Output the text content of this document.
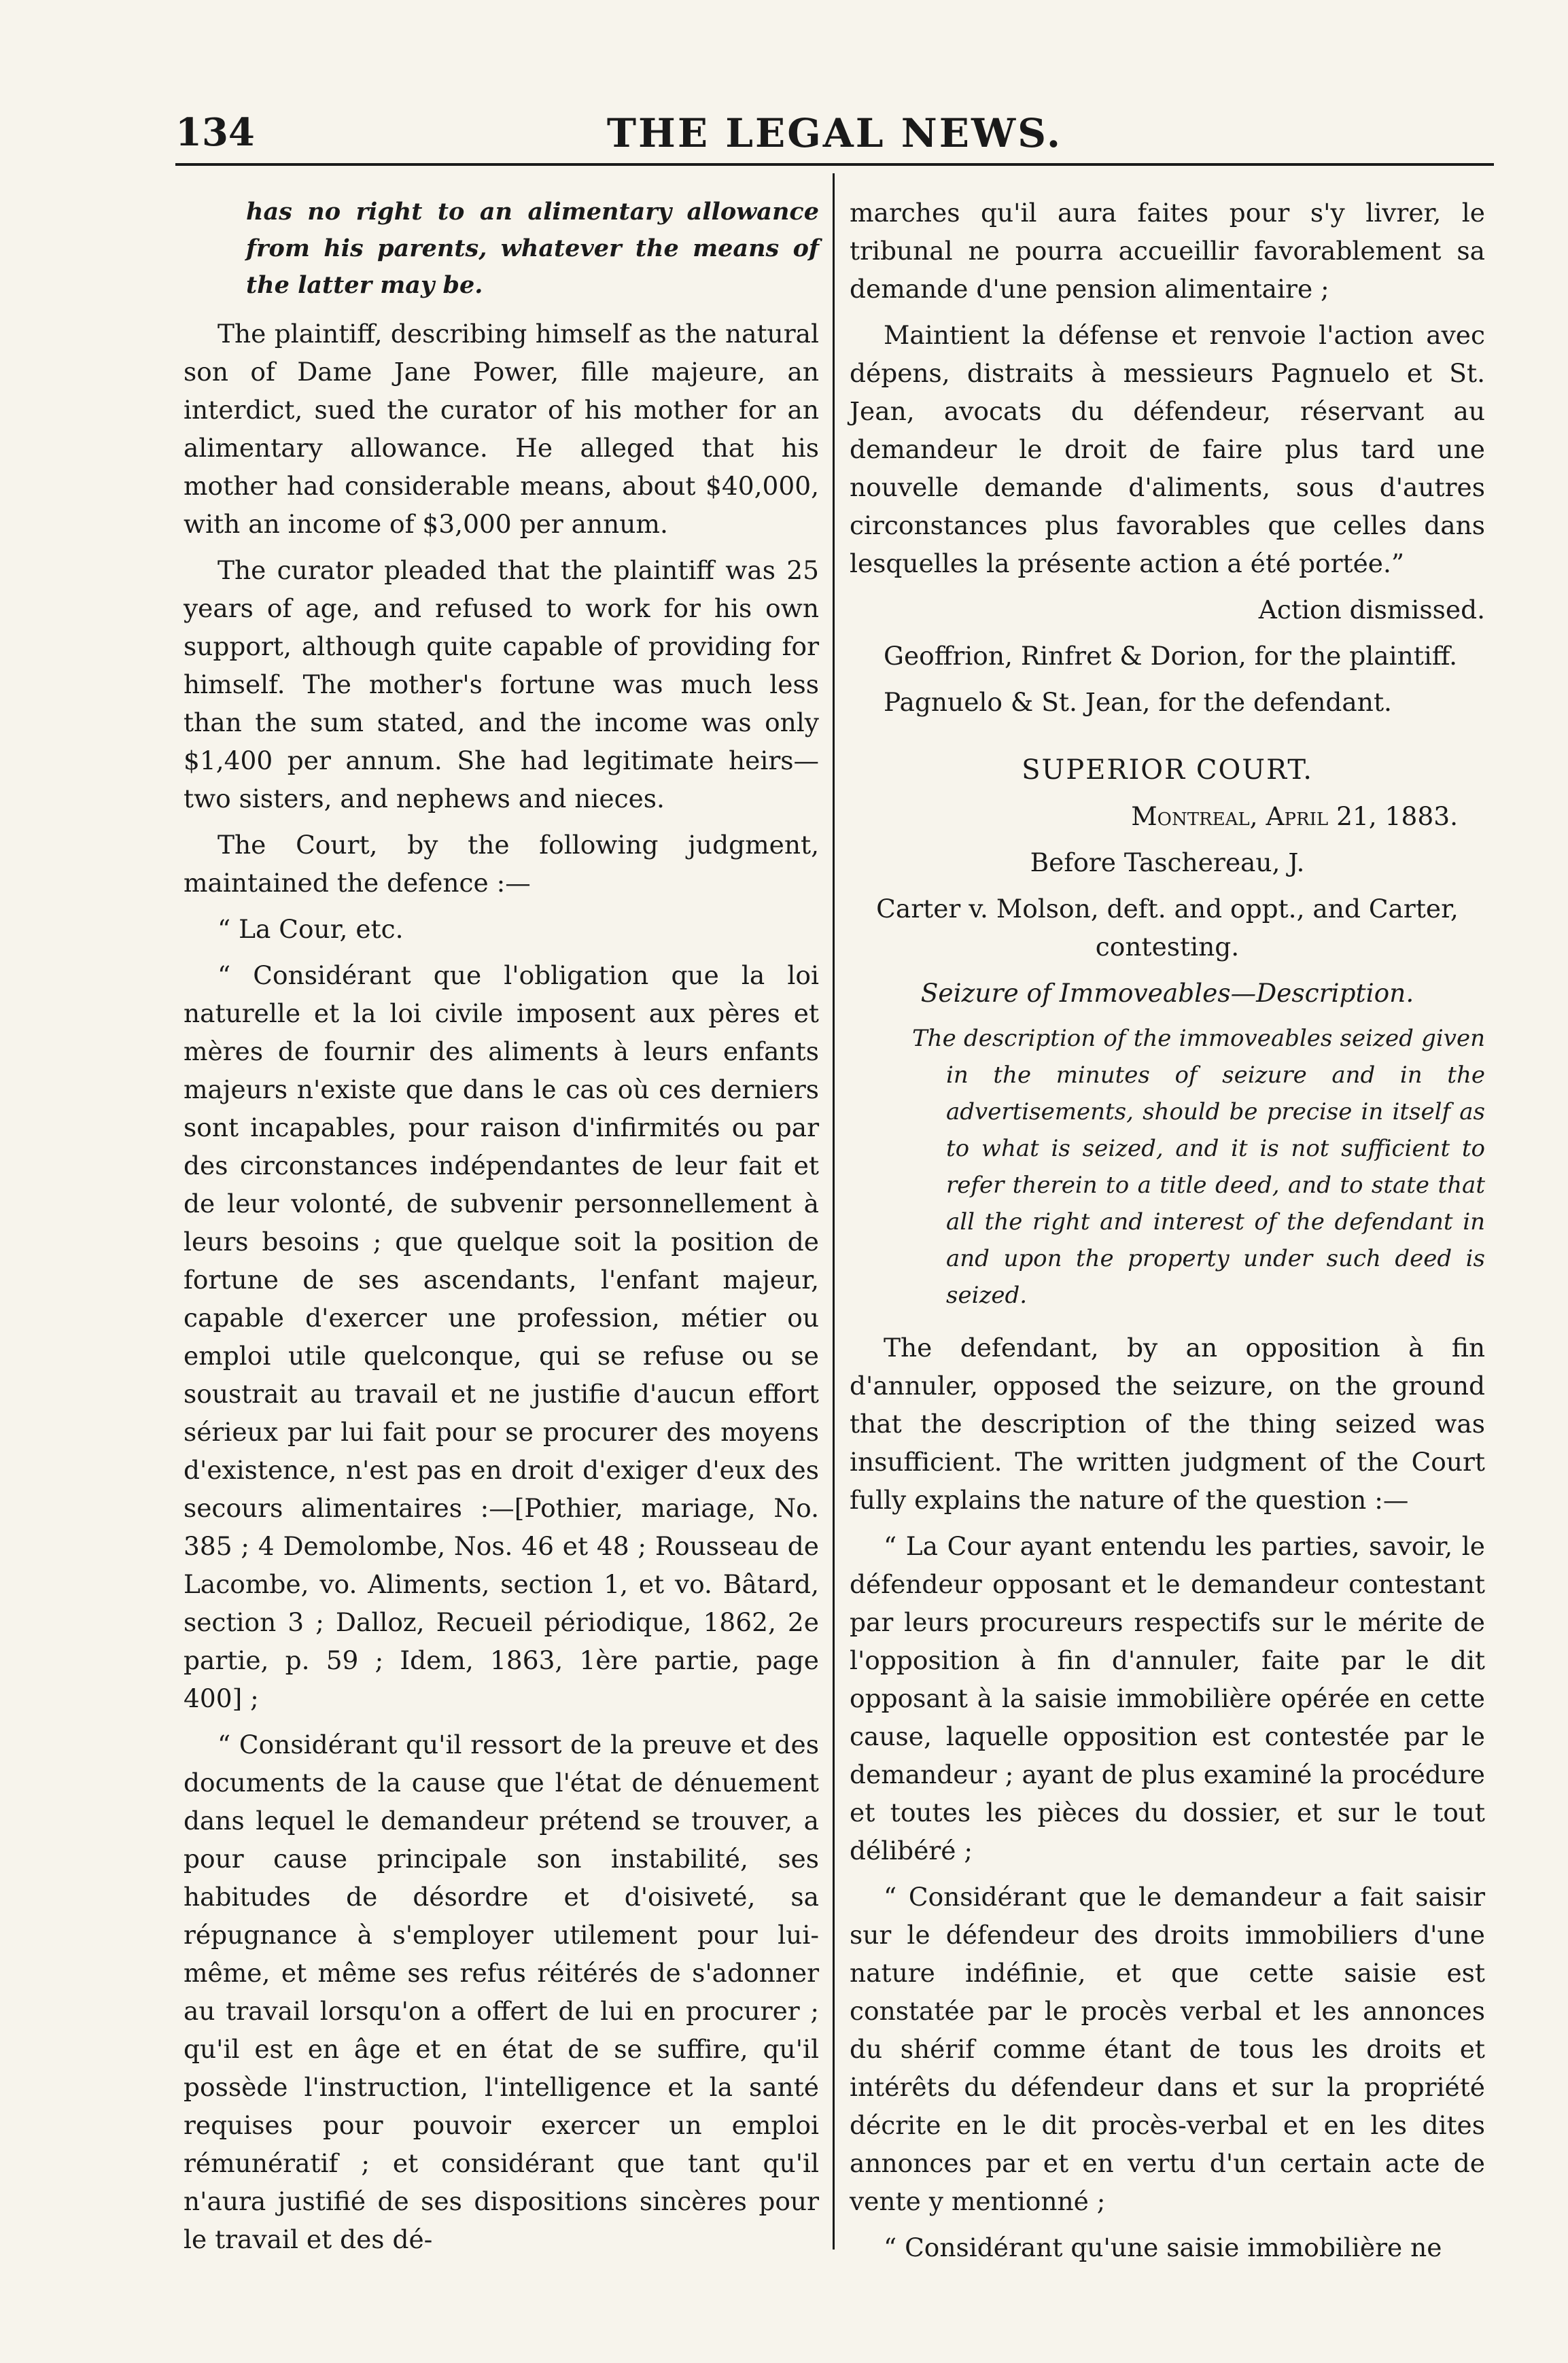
134	THE LEGAL NEWS.

has no right to an alimentary allowance from his parents, whatever the means of the latter may be.

The plaintiff, describing himself as the natural son of Dame Jane Power, fille majeure, an interdict, sued the curator of his mother for an alimentary allowance. He alleged that his mother had considerable means, about $40,000, with an income of $3,000 per annum.

The curator pleaded that the plaintiff was 25 years of age, and refused to work for his own support, although quite capable of providing for himself. The mother's fortune was much less than the sum stated, and the income was only $1,400 per annum. She had legitimate heirs—two sisters, and nephews and nieces.

The Court, by the following judgment, maintained the defence :—

“ La Cour, etc.

“ Considérant que l'obligation que la loi naturelle et la loi civile imposent aux pères et mères de fournir des aliments à leurs enfants majeurs n'existe que dans le cas où ces derniers sont incapables, pour raison d'infirmités ou par des circonstances indépendantes de leur fait et de leur volonté, de subvenir personnellement à leurs besoins ; que quelque soit la position de fortune de ses ascendants, l'enfant majeur, capable d'exercer une profession, métier ou emploi utile quelconque, qui se refuse ou se soustrait au travail et ne justifie d'aucun effort sérieux par lui fait pour se procurer des moyens d'existence, n'est pas en droit d'exiger d'eux des secours alimentaires :—[Pothier, mariage, No. 385 ; 4 Demolombe, Nos. 46 et 48 ; Rousseau de Lacombe, vo. Aliments, section 1, et vo. Bâtard, section 3 ; Dalloz, Recueil périodique, 1862, 2e partie, p. 59 ; Idem, 1863, 1ère partie, page 400] ;

“ Considérant qu'il ressort de la preuve et des documents de la cause que l'état de dénuement dans lequel le demandeur prétend se trouver, a pour cause principale son instabilité, ses habitudes de désordre et d'oisiveté, sa répugnance à s'employer utilement pour lui-même, et même ses refus réitérés de s'adonner au travail lorsqu'on a offert de lui en procurer ; qu'il est en âge et en état de se suffire, qu'il possède l'instruction, l'intelligence et la santé requises pour pouvoir exercer un emploi rémunératif ; et considérant que tant qu'il n'aura justifié de ses dispositions sincères pour le travail et des dé-

marches qu'il aura faites pour s'y livrer, le tribunal ne pourra accueillir favorablement sa demande d'une pension alimentaire ;

Maintient la défense et renvoie l'action avec dépens, distraits à messieurs Pagnuelo et St. Jean, avocats du défendeur, réservant au demandeur le droit de faire plus tard une nouvelle demande d'aliments, sous d'autres circonstances plus favorables que celles dans lesquelles la présente action a été portée.”

Action dismissed.

Geoffrion, Rinfret & Dorion, for the plaintiff.

Pagnuelo & St. Jean, for the defendant.

SUPERIOR COURT.

Montreal, April 21, 1883.

Before Taschereau, J.

Carter v. Molson, deft. and oppt., and Carter, contesting.

Seizure of Immoveables—Description.

The description of the immoveables seized given in the minutes of seizure and in the advertisements, should be precise in itself as to what is seized, and it is not sufficient to refer therein to a title deed, and to state that all the right and interest of the defendant in and upon the property under such deed is seized.

The defendant, by an opposition à fin d'annuler, opposed the seizure, on the ground that the description of the thing seized was insufficient. The written judgment of the Court fully explains the nature of the question :—

“ La Cour ayant entendu les parties, savoir, le défendeur opposant et le demandeur contestant par leurs procureurs respectifs sur le mérite de l'opposition à fin d'annuler, faite par le dit opposant à la saisie immobilière opérée en cette cause, laquelle opposition est contestée par le demandeur ; ayant de plus examiné la procédure et toutes les pièces du dossier, et sur le tout délibéré ;

“ Considérant que le demandeur a fait saisir sur le défendeur des droits immobiliers d'une nature indéfinie, et que cette saisie est constatée par le procès verbal et les annonces du shérif comme étant de tous les droits et intérêts du défendeur dans et sur la propriété décrite en le dit procès-verbal et en les dites annonces par et en vertu d'un certain acte de vente y mentionné ;

“ Considérant qu'une saisie immobilière ne
